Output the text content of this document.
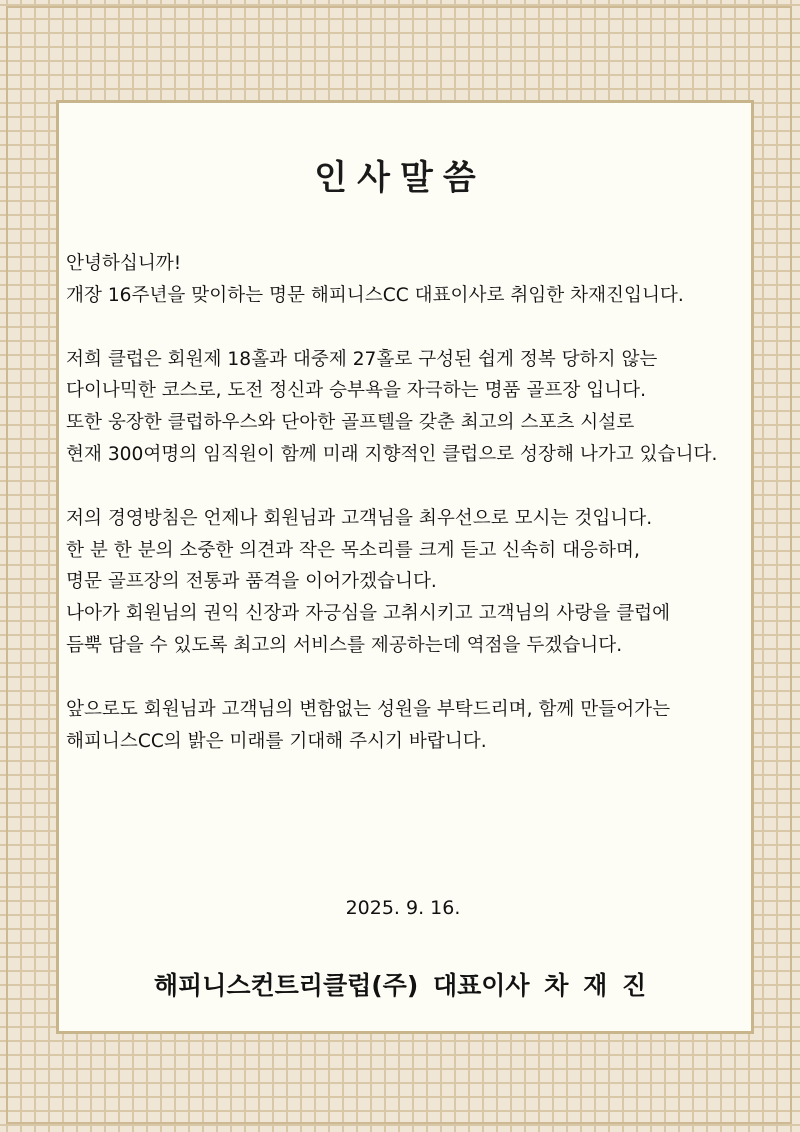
인사말씀
안녕하십니까!
개장 16주년을 맞이하는 명문 해피니스CC 대표이사로 취임한 차재진입니다.
저희 클럽은 회원제 18홀과 대중제 27홀로 구성된 쉽게 정복 당하지 않는
다이나믹한 코스로, 도전 정신과 승부욕을 자극하는 명품 골프장 입니다.
또한 웅장한 클럽하우스와 단아한 골프텔을 갖춘 최고의 스포츠 시설로
현재 300여명의 임직원이 함께 미래 지향적인 클럽으로 성장해 나가고 있습니다.
저의 경영방침은 언제나 회원님과 고객님을 최우선으로 모시는 것입니다.
한 분 한 분의 소중한 의견과 작은 목소리를 크게 듣고 신속히 대응하며,
명문 골프장의 전통과 품격을 이어가겠습니다.
나아가 회원님의 권익 신장과 자긍심을 고취시키고 고객님의 사랑을 클럽에
듬뿍 담을 수 있도록 최고의 서비스를 제공하는데 역점을 두겠습니다.
앞으로도 회원님과 고객님의 변함없는 성원을 부탁드리며, 함께 만들어가는
해피니스CC의 밝은 미래를 기대해 주시기 바랍니다.
2025. 9. 16.
해피니스컨트리클럽(주) 대표이사 차 재 진
